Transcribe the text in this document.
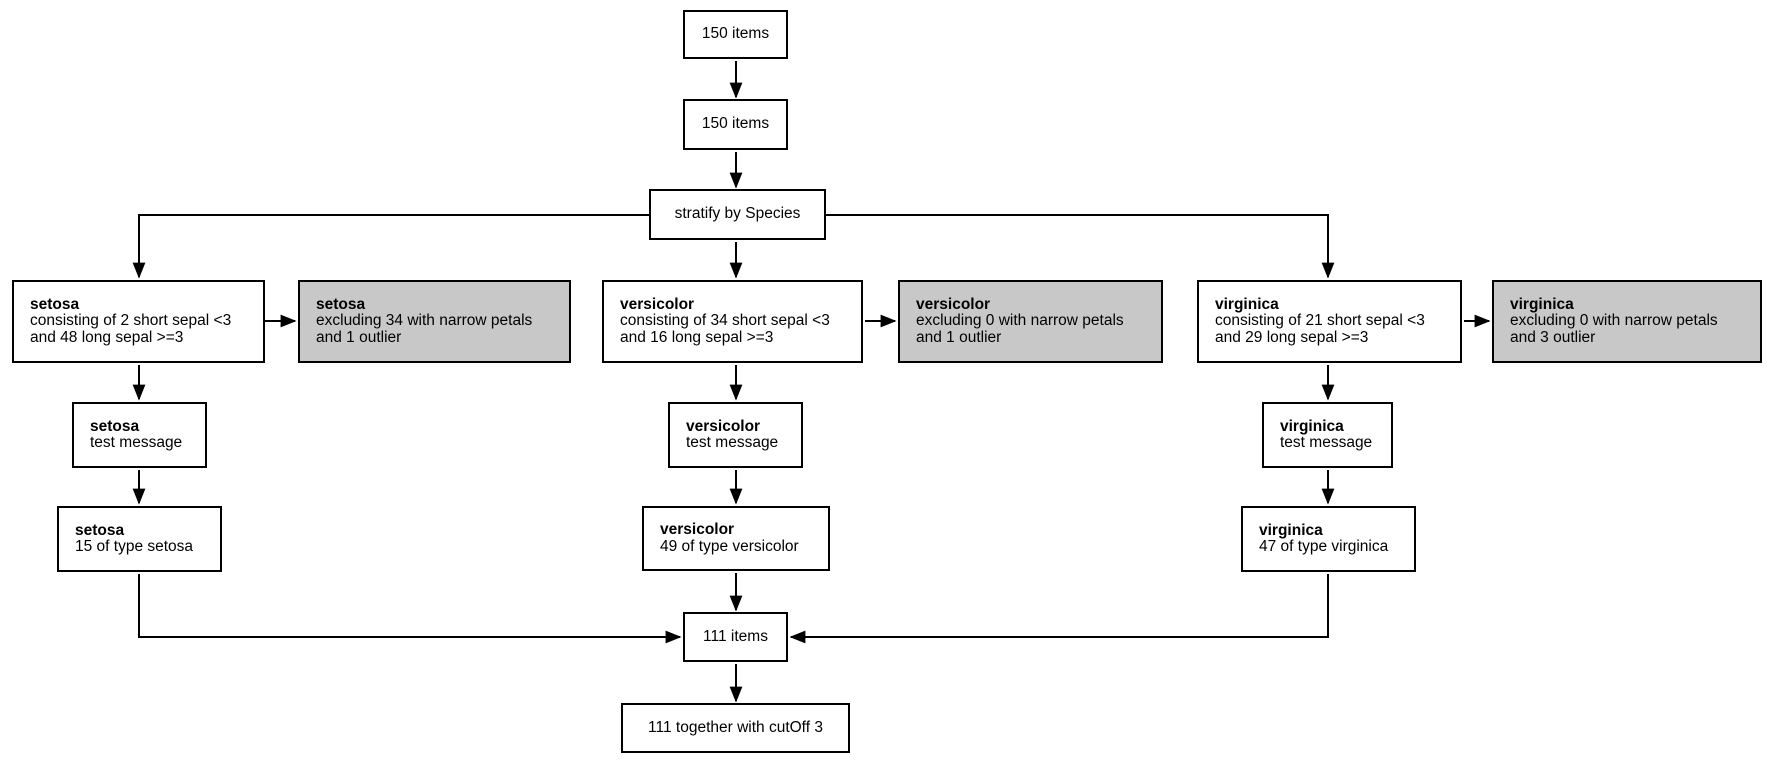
150 items
150 items
stratify by Species
setosa
consisting of 2 short sepal <3
and 48 long sepal >=3
setosa
excluding 34 with narrow petals
and 1 outlier
setosa
test message
setosa
15 of type setosa
versicolor
consisting of 34 short sepal <3
and 16 long sepal >=3
versicolor
excluding 0 with narrow petals
and 1 outlier
versicolor
test message
versicolor
49 of type versicolor
virginica
consisting of 21 short sepal <3
and 29 long sepal >=3
virginica
excluding 0 with narrow petals
and 3 outlier
virginica
test message
virginica
47 of type virginica
111 items
111 together with cutOff 3
